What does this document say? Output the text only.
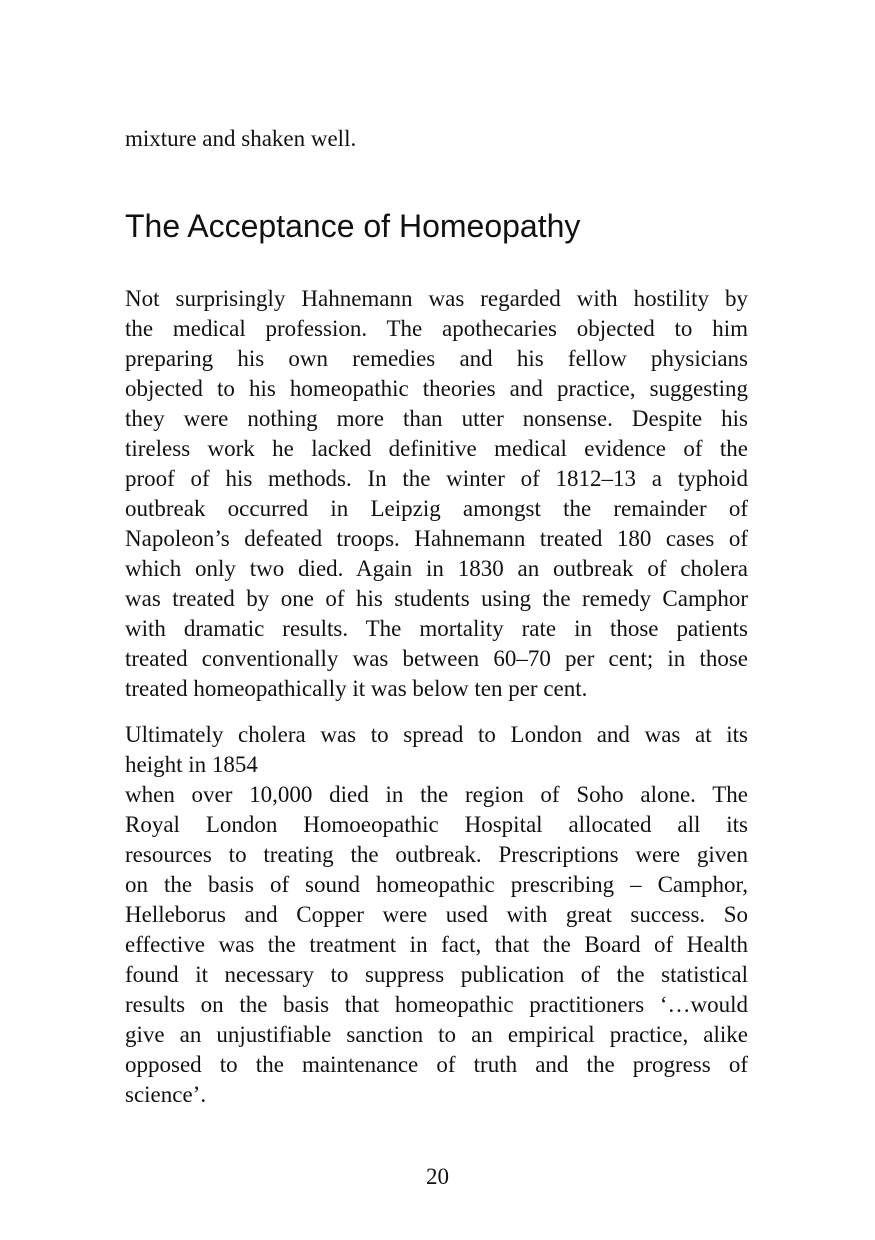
mixture and shaken well.

The Acceptance of Homeopathy

Not surprisingly Hahnemann was regarded with hostility by
the medical profession. The apothecaries objected to him
preparing his own remedies and his fellow physicians
objected to his homeopathic theories and practice, suggesting
they were nothing more than utter nonsense. Despite his
tireless work he lacked definitive medical evidence of the
proof of his methods. In the winter of 1812–13 a typhoid
outbreak occurred in Leipzig amongst the remainder of
Napoleon’s defeated troops. Hahnemann treated 180 cases of
which only two died. Again in 1830 an outbreak of cholera
was treated by one of his students using the remedy Camphor
with dramatic results. The mortality rate in those patients
treated conventionally was between 60–70 per cent; in those
treated homeopathically it was below ten per cent.

Ultimately cholera was to spread to London and was at its
height in 1854
when over 10,000 died in the region of Soho alone. The
Royal London Homoeopathic Hospital allocated all its
resources to treating the outbreak. Prescriptions were given
on the basis of sound homeopathic prescribing – Camphor,
Helleborus and Copper were used with great success. So
effective was the treatment in fact, that the Board of Health
found it necessary to suppress publication of the statistical
results on the basis that homeopathic practitioners ‘…would
give an unjustifiable sanction to an empirical practice, alike
opposed to the maintenance of truth and the progress of
science’.

20
